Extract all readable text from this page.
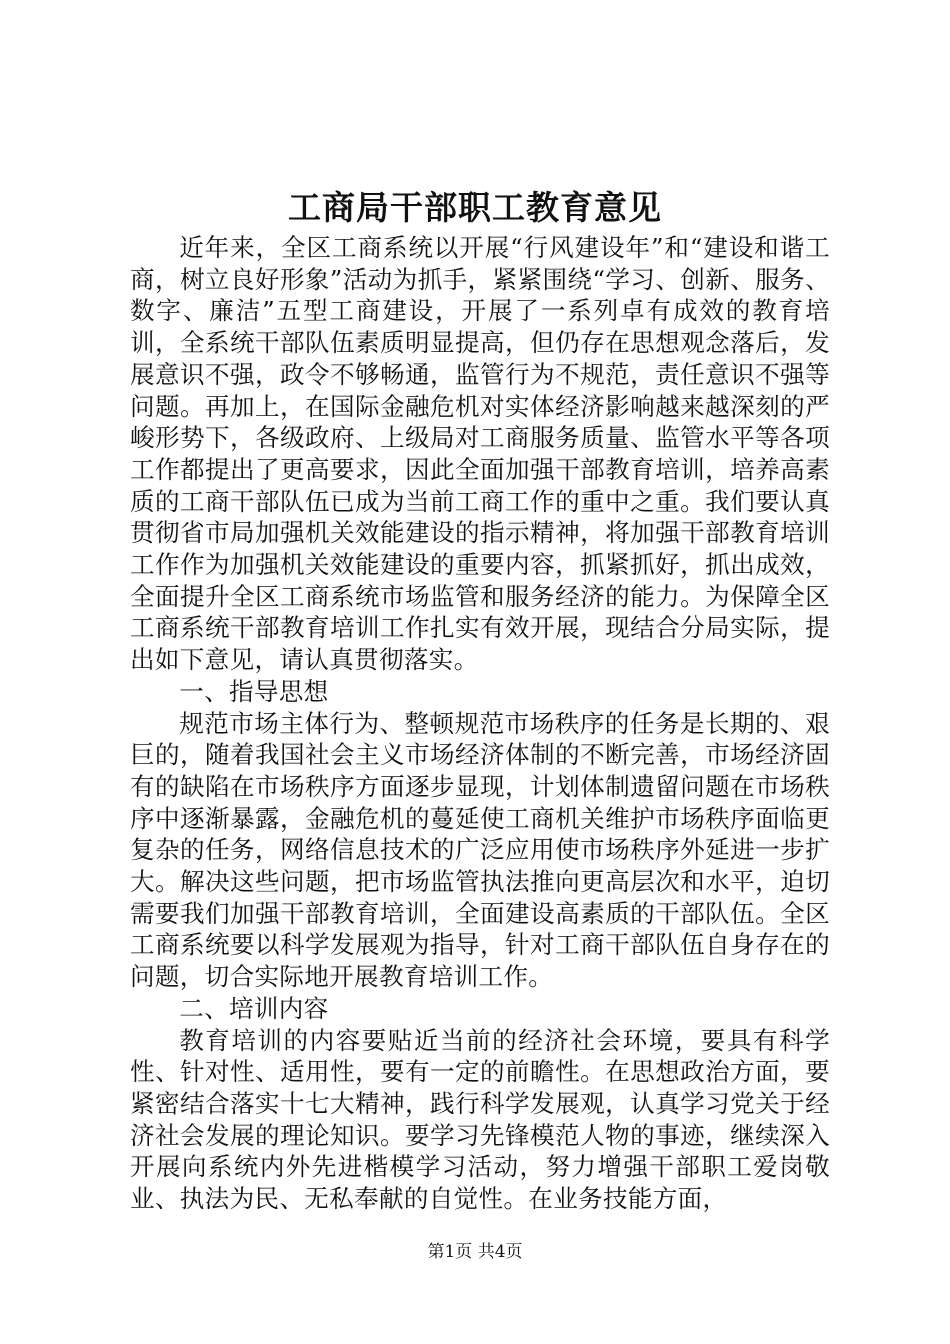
工商局干部职工教育意见

近年来，全区工商系统以开展“行风建设年”和“建设和谐工商，树立良好形象”活动为抓手，紧紧围绕“学习、创新、服务、数字、廉洁”五型工商建设，开展了一系列卓有成效的教育培训，全系统干部队伍素质明显提高，但仍存在思想观念落后，发展意识不强，政令不够畅通，监管行为不规范，责任意识不强等问题。再加上，在国际金融危机对实体经济影响越来越深刻的严峻形势下，各级政府、上级局对工商服务质量、监管水平等各项工作都提出了更高要求，因此全面加强干部教育培训，培养高素质的工商干部队伍已成为当前工商工作的重中之重。我们要认真贯彻省市局加强机关效能建设的指示精神，将加强干部教育培训工作作为加强机关效能建设的重要内容，抓紧抓好，抓出成效，全面提升全区工商系统市场监管和服务经济的能力。为保障全区工商系统干部教育培训工作扎实有效开展，现结合分局实际，提出如下意见，请认真贯彻落实。

一、指导思想

规范市场主体行为、整顿规范市场秩序的任务是长期的、艰巨的，随着我国社会主义市场经济体制的不断完善，市场经济固有的缺陷在市场秩序方面逐步显现，计划体制遗留问题在市场秩序中逐渐暴露，金融危机的蔓延使工商机关维护市场秩序面临更复杂的任务，网络信息技术的广泛应用使市场秩序外延进一步扩大。解决这些问题，把市场监管执法推向更高层次和水平，迫切需要我们加强干部教育培训，全面建设高素质的干部队伍。全区工商系统要以科学发展观为指导，针对工商干部队伍自身存在的问题，切合实际地开展教育培训工作。

二、培训内容

教育培训的内容要贴近当前的经济社会环境，要具有科学性、针对性、适用性，要有一定的前瞻性。在思想政治方面，要紧密结合落实十七大精神，践行科学发展观，认真学习党关于经济社会发展的理论知识。要学习先锋模范人物的事迹，继续深入开展向系统内外先进楷模学习活动，努力增强干部职工爱岗敬业、执法为民、无私奉献的自觉性。在业务技能方面，

第1页 共4页
